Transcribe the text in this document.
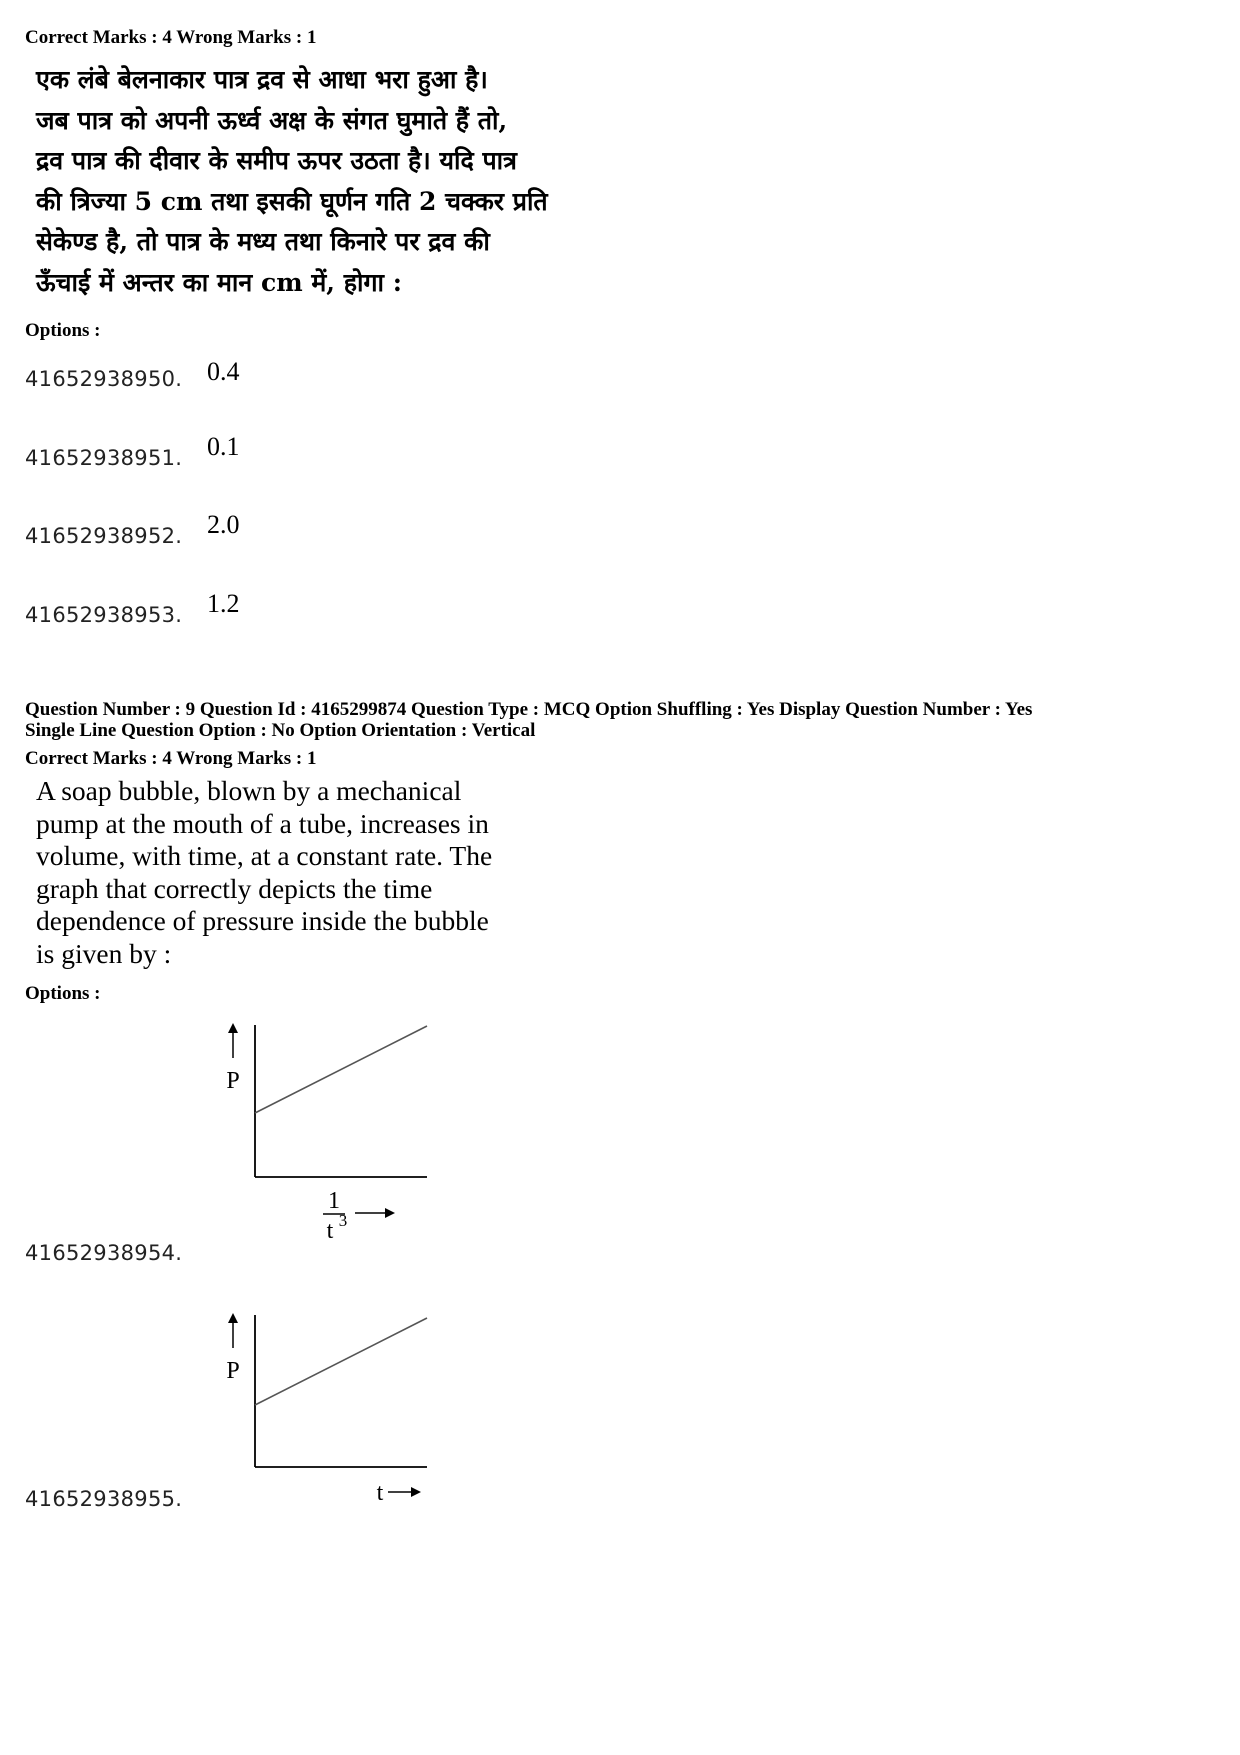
Correct Marks : 4 Wrong Marks : 1
एक लंबे बेलनाकार पात्र द्रव से आधा भरा हुआ है।
जब पात्र को अपनी ऊर्ध्व अक्ष के संगत घुमाते हैं तो,
द्रव पात्र की दीवार के समीप ऊपर उठता है। यदि पात्र
की त्रिज्या 5 cm तथा इसकी घूर्णन गति 2 चक्कर प्रति
सेकेण्ड है, तो पात्र के मध्य तथा किनारे पर द्रव की
ऊँचाई में अन्तर का मान cm में, होगा :
Options :
41652938950. 0.4
41652938951. 0.1
41652938952. 2.0
41652938953. 1.2
Question Number : 9 Question Id : 4165299874 Question Type : MCQ Option Shuffling : Yes Display Question Number : Yes
Single Line Question Option : No Option Orientation : Vertical
Correct Marks : 4 Wrong Marks : 1
A soap bubble, blown by a mechanical
pump at the mouth of a tube, increases in
volume, with time, at a constant rate. The
graph that correctly depicts the time
dependence of pressure inside the bubble
is given by :
Options :
P
1
t 3
41652938954.
P
t
41652938955.
